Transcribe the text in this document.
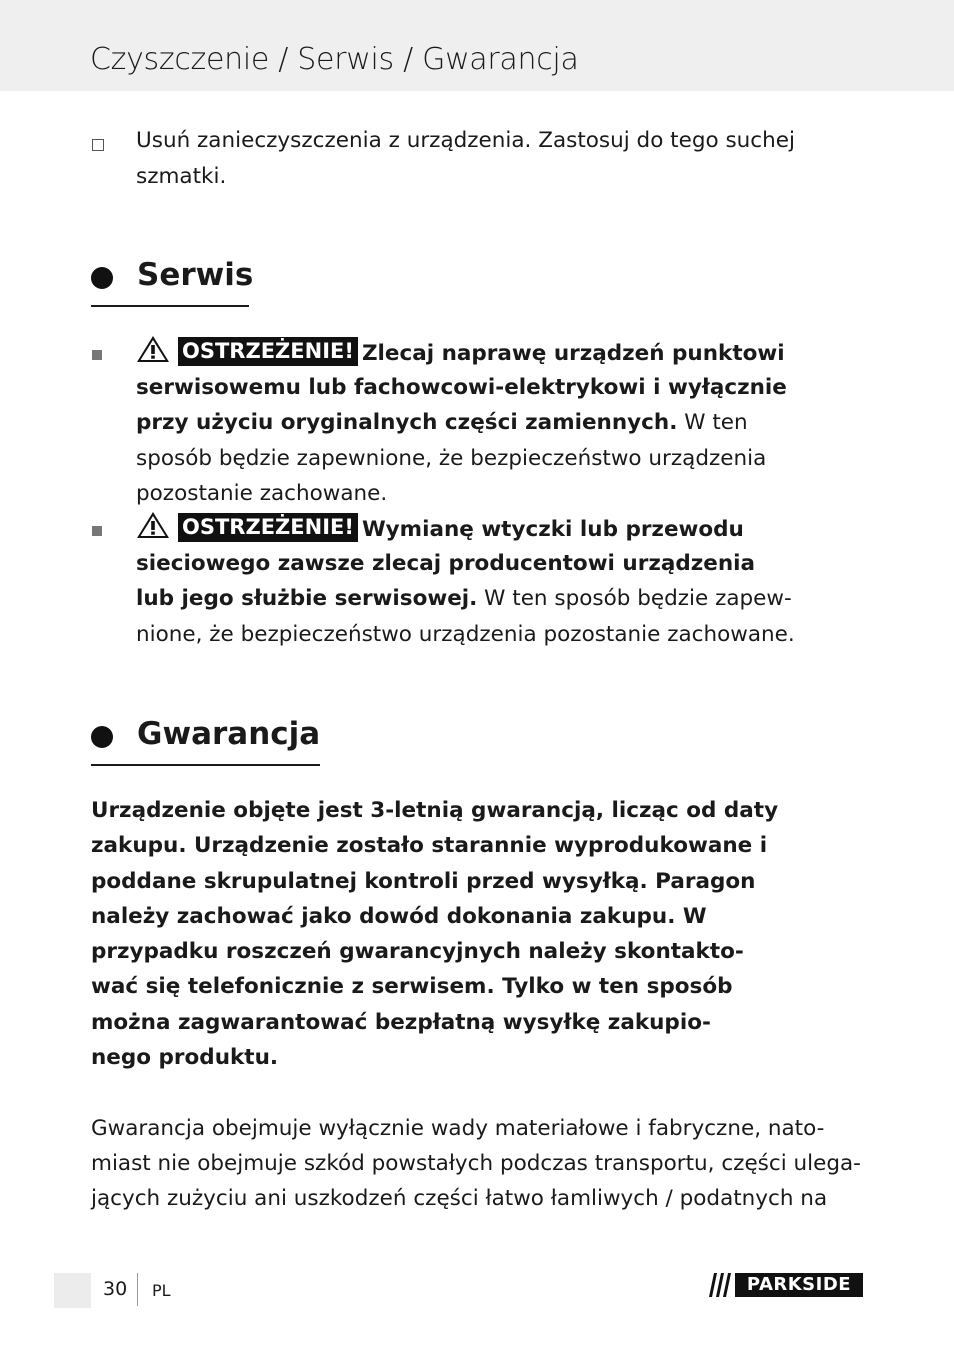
Czyszczenie / Serwis / Gwarancja
Usuń zanieczyszczenia z urządzenia. Zastosuj do tego suchej
szmatki.
Serwis
OSTRZEŻENIE! Zlecaj naprawę urządzeń punktowi
serwisowemu lub fachowcowi-elektrykowi i wyłącznie
przy użyciu oryginalnych części zamiennych. W ten
sposób będzie zapewnione, że bezpieczeństwo urządzenia
pozostanie zachowane.
OSTRZEŻENIE! Wymianę wtyczki lub przewodu
sieciowego zawsze zlecaj producentowi urządzenia
lub jego służbie serwisowej. W ten sposób będzie zapew-
nione, że bezpieczeństwo urządzenia pozostanie zachowane.
Gwarancja
Urządzenie objęte jest 3-letnią gwarancją, licząc od daty
zakupu. Urządzenie zostało starannie wyprodukowane i
poddane skrupulatnej kontroli przed wysyłką. Paragon
należy zachować jako dowód dokonania zakupu. W
przypadku roszczeń gwarancyjnych należy skontakto-
wać się telefonicznie z serwisem. Tylko w ten sposób
można zagwarantować bezpłatną wysyłkę zakupio-
nego produktu.
Gwarancja obejmuje wyłącznie wady materiałowe i fabryczne, nato-
miast nie obejmuje szkód powstałych podczas transportu, części ulega-
jących zużyciu ani uszkodzeń części łatwo łamliwych / podatnych na
30 PL	PARKSIDE
